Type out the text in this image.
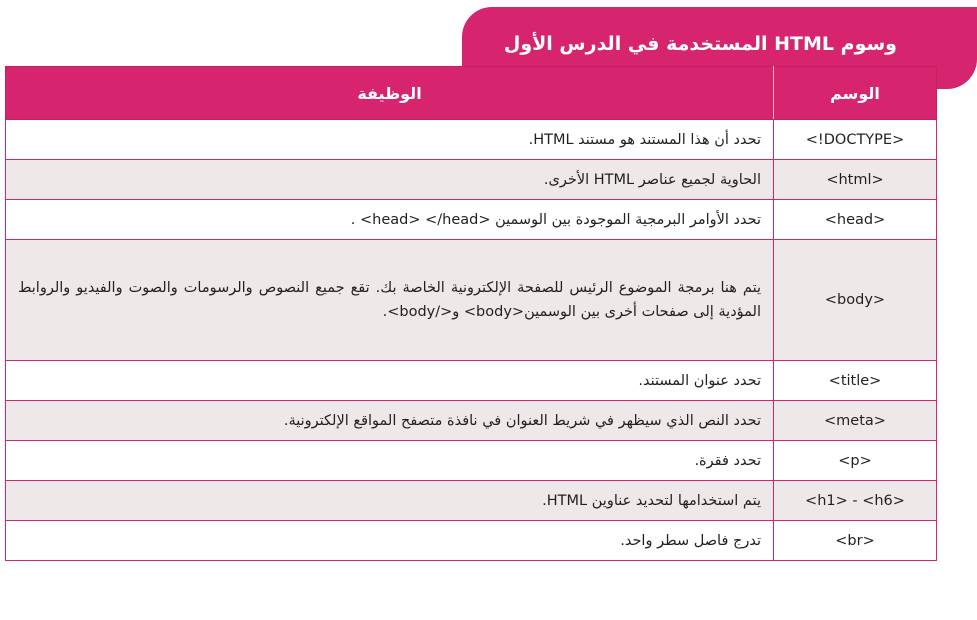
وسوم HTML المستخدمة في الدرس الأول
الوسم	الوظيفة
<!DOCTYPE>	تحدد أن هذا المستند هو مستند HTML.
<html>	الحاوية لجميع عناصر HTML الأخرى.
<head>	تحدد الأوامر البرمجية الموجودة بين الوسمين <head> </head> .
<body>	يتم هنا برمجة الموضوع الرئيس للصفحة الإلكترونية الخاصة بك. تقع جميع النصوص والرسومات والصوت والفيديو والروابط المؤدية إلى صفحات أخرى بين الوسمين<body> و</body>.
<title>	تحدد عنوان المستند.
<meta>	تحدد النص الذي سيظهر في شريط العنوان في نافذة متصفح المواقع الإلكترونية.
<p>	تحدد فقرة.
<h1> - <h6>	يتم استخدامها لتحديد عناوين HTML.
<br>	تدرج فاصل سطر واحد.
